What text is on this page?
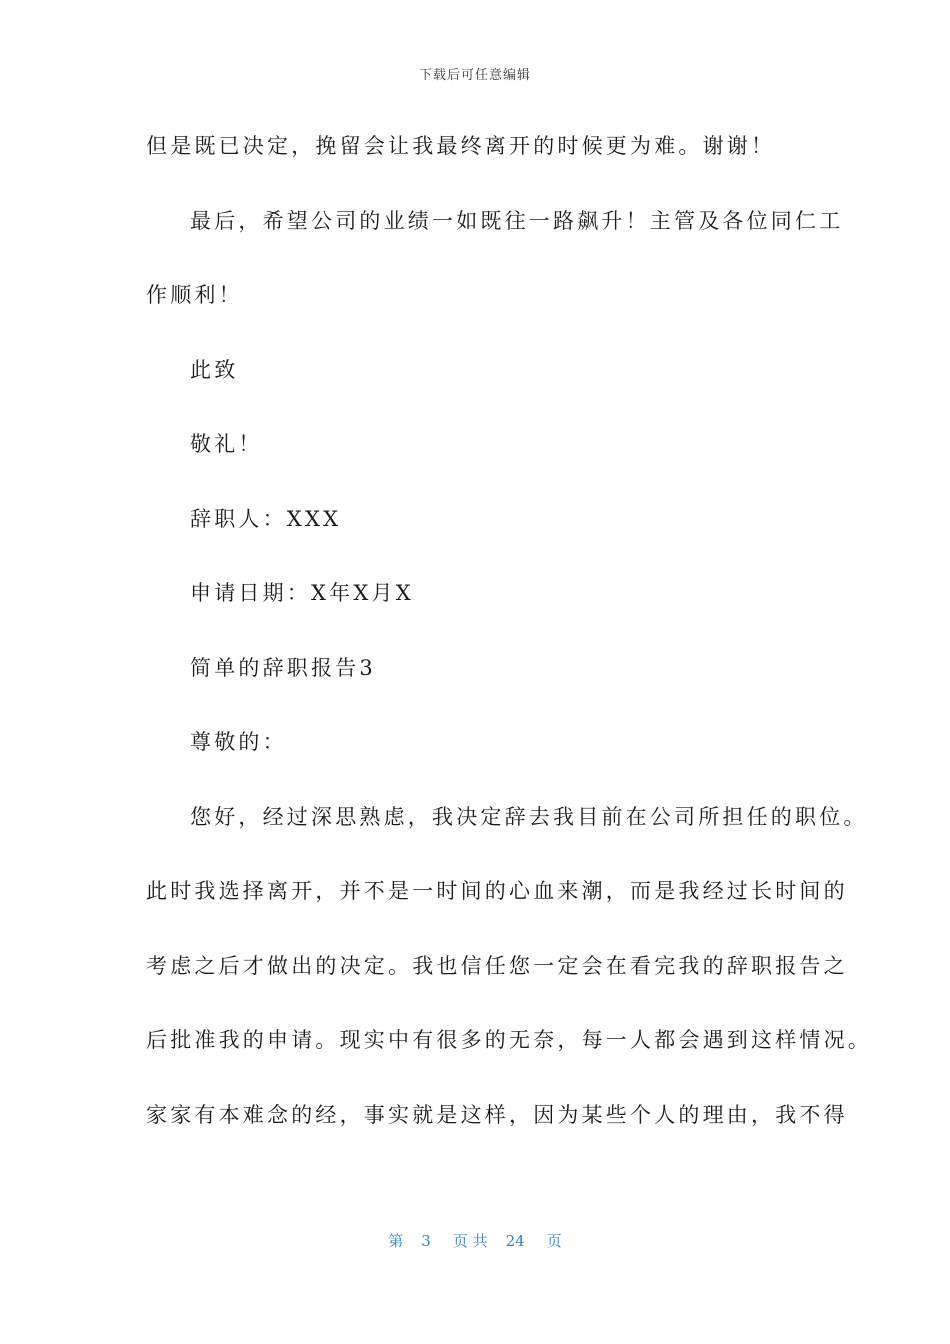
下载后可任意编辑
但是既已决定，挽留会让我最终离开的时候更为难。谢谢！
最后，希望公司的业绩一如既往一路飙升！主管及各位同仁工
作顺利！
此致
敬礼！
辞职人：XXX
申请日期：X年X月X
简单的辞职报告3
尊敬的：
您好，经过深思熟虑，我决定辞去我目前在公司所担任的职位。
此时我选择离开，并不是一时间的心血来潮，而是我经过长时间的
考虑之后才做出的决定。我也信任您一定会在看完我的辞职报告之
后批准我的申请。现实中有很多的无奈，每一人都会遇到这样情况。
家家有本难念的经，事实就是这样，因为某些个人的理由，我不得
第 3 页 共 24 页
